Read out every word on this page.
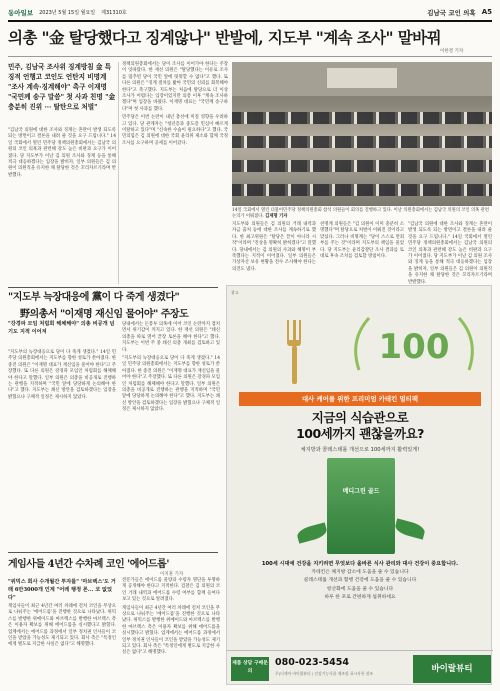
동아일보 2023년 5월 15일 월요일 제31310호	김남국 코인 의혹 A5
의총 "金 탈당했다고 징계않나" 반발에, 지도부 "계속 조사" 말바꿔
이한결 기자
민주, 김남국 조사위 징계방침 金 특징적 언행고 코인도 언탄지 비명계 "조사 계속·징계해야" 촉구 이재명 "국민께 송구 말씀" 첫 사과 친명 "金 충분히 진위 ··· 탈탄으로 처벌"

"김남국 의원에 대한 조사와 징계는 혼란이 발생 되도록 되는 방면이고 결론을 내려 줄 것을 요구 드립니다." 14일 국회에서 열린 민주당 정책의원총회에서는 김남국 의원의 코인 의혹과 관련해 강도 높은 비판과 요구가 이어졌다. 당 지도부가 이날 김 의원 조사와 징계 등을 통해 적극 대응하겠다는 입장을 밝히자, 일부 의원들은 김 의원이 의원직을 유지한 채 탈당한 것은 꼬리자르기라며 반발했다.

정책의원총회에서는 당이 조사를 이어가야 한다는 주장이 잇따랐다. 한 재선 의원은 "탈당했다는 이유로 조사를 멈추면 당이 국민 앞에 떳떳할 수 없다"고 했다. 또 다른 의원은 "징계 절차를 밟아 국민의 신뢰를 회복해야 한다"고 촉구했다. 지도부는 처음에 탈당으로 더 이상 조사가 어렵다는 입장이었지만 의총 이후 "계속 조사하겠다"며 입장을 바꿨다. 이재명 대표는 "국민께 송구하다"며 첫 사과를 했다.

민주당은 이번 논란이 내년 총선에 미칠 영향을 우려하고 있다. 당 관계자는 "청년층과 중도층 민심이 빠르게 이탈하고 있다"며 "신속한 수습이 필요하다"고 했다. 국민의힘은 김 의원에 대한 국회 윤리위 제소와 함께 국정조사를 요구하며 공세를 이어갔다.

14일 국회에서 열린 더불어민주당 정책의원총회 참석 의원들이 회의를 진행하고 있다. 이날 의원총회에서는 김남국 의원의 코인 의혹 관련 논의가 이뤄졌다. 김재명 기자

지도부와 의원들은 김 의원의 거래 내역과 자금 출처 등에 대한 조사를 계속하기로 했다. 한 최고위원은 "탈당은 끝이 아니라 시작"이라며 "진상을 명확히 밝히겠다"고 말했다. 당내에서는 김 의원의 사과와 해명이 부족했다는 지적이 이어졌다. 일부 의원들은 가상자산 보유 현황을 전수 조사해야 한다는 의견도 냈다.

친명계 의원들은 "김 의원이 이미 충분히 소명했다"며 탈당으로 처벌이 이뤄진 것이라고 맞섰다. 그러나 비명계는 "당이 스스로 면죄부를 주는 것"이라며 지도부의 책임을 물었다. 당 지도부는 윤리감찰단 조사 결과를 토대로 후속 조치를 검토할 방침이다.

"김남국 의원에 대한 조사와 징계는 혼란이 발생 되도록 되는 방면이고 결론을 내려 줄 것을 요구 드립니다." 14일 국회에서 열린 민주당 정책의원총회에서는 김남국 의원의 코인 의혹과 관련해 강도 높은 비판과 요구가 이어졌다. 당 지도부가 이날 김 의원 조사와 징계 등을 통해 적극 대응하겠다는 입장을 밝히자, 일부 의원들은 김 의원이 의원직을 유지한 채 탈당한 것은 꼬리자르기라며 반발했다.

"지도부 늑장대응에 黨이 다 죽게 생겼다"
野의총서 "이재명 재신임 물어야" 주장도
"강경파 모임 처럼회 해체해야" 의총 비공개 넘기도 지적 이어져

"지도부의 늑장대응으로 당이 다 죽게 생겼다." 14일 민주당 의원총회에서는 지도부를 향한 성토가 쏟아졌다. 한 중진 의원은 "이재명 대표가 재신임을 물어야 한다"고 주장했다. 또 다른 의원은 강경파 모임인 처럼회를 해체해야 한다고 말했다. 일부 의원은 의총을 비공개로 진행하는 관행을 지적하며 "국민 앞에 당당하게 논의해야 한다"고 했다. 지도부는 쇄신 방안을 검토하겠다는 입장을 밝혔으나 구체적 일정은 제시하지 않았다.

당내에서는 돈봉투 의혹에 이어 코인 논란까지 겹치면서 위기감이 커지고 있다. 한 재선 의원은 "쇄신 의총을 따로 열어 끝장 토론을 해야 한다"고 했다. 지도부는 이번 주 중 쇄신 의총 개최를 검토하고 있다.

"지도부의 늑장대응으로 당이 다 죽게 생겼다." 14일 민주당 의원총회에서는 지도부를 향한 성토가 쏟아졌다. 한 중진 의원은 "이재명 대표가 재신임을 물어야 한다"고 주장했다. 또 다른 의원은 강경파 모임인 처럼회를 해체해야 한다고 말했다. 일부 의원은 의총을 비공개로 진행하는 관행을 지적하며 "국민 앞에 당당하게 논의해야 한다"고 했다. 지도부는 쇄신 방안을 검토하겠다는 입장을 밝혔으나 구체적 일정은 제시하지 않았다.

게임사들 4년간 수차례 코인 '에어드롭'
이지훈 기자
"위믹스 회사 수개월간 투자를" '마브렉스'도 거래 6만3000개 인계 "어레 행정 론... 코 없었다"

게임사들이 최근 4년간 여러 차례에 걸쳐 코인을 무상으로 나눠주는 '에어드롭'을 진행한 것으로 나타났다. 위믹스를 발행한 위메이드와 마브렉스를 발행한 마브렉스 측은 이용자 확보를 위해 에어드롭을 실시했다고 밝혔다. 업계에서는 에어드롭 과정에서 일부 정치권 인사들이 코인을 받았을 가능성도 제기되고 있다. 회사 측은 "특정인에게 별도로 지급한 사실은 없다"고 해명했다.

전문가들은 에어드롭 물량과 수령자 명단을 투명하게 공개해야 한다고 지적한다. 검찰은 김 의원의 코인 거래 내역과 에어드롭 수령 여부를 함께 들여다보고 있는 것으로 알려졌다.

게임사들이 최근 4년간 여러 차례에 걸쳐 코인을 무상으로 나눠주는 '에어드롭'을 진행한 것으로 나타났다. 위믹스를 발행한 위메이드와 마브렉스를 발행한 마브렉스 측은 이용자 확보를 위해 에어드롭을 실시했다고 밝혔다. 업계에서는 에어드롭 과정에서 일부 정치권 인사들이 코인을 받았을 가능성도 제기되고 있다. 회사 측은 "특정인에게 별도로 지급한 사실은 없다"고 해명했다.

광고
100
대사 케어를 위한 프리미엄 카테킨 멀티팩
지금의 식습관으로
100세까지 괜찮을까요?
체지방과 콜레스테롤 개선으로 100세까지 활력있게!
메디그린 골드
100세 시대에 건강을 지키려면 무엇보다 올바른 식사 관리와 대사 건강이 중요합니다.
카테킨은 체지방 감소에 도움을 줄 수 있습니다
콜레스테롤 개선과 혈행 건강에 도움을 줄 수 있습니다
항산화에 도움을 줄 수 있습니다
하루 한 포로 간편하게 섭취하세요
제품 상담 구매문의
080-023-5454
주)더케어 바이랄뷰티 / 건강기능식품 제조원 표시사항 참조	바이랄뷰티
